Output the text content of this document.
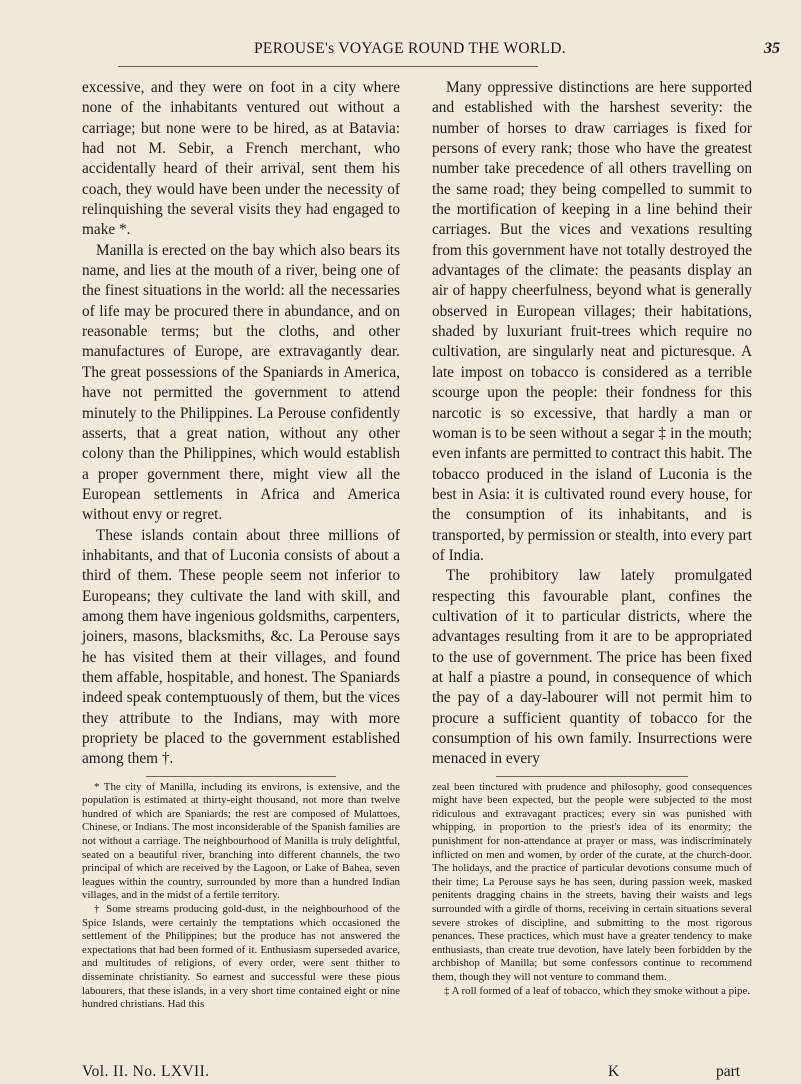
PEROUSE's VOYAGE ROUND THE WORLD.	35

excessive, and they were on foot in a city where none of the inhabitants ventured out without a carriage; but none were to be hired, as at Batavia: had not M. Sebir, a French merchant, who accidentally heard of their arrival, sent them his coach, they would have been under the necessity of relinquishing the several visits they had engaged to make *.

Manilla is erected on the bay which also bears its name, and lies at the mouth of a river, being one of the finest situations in the world: all the necessaries of life may be procured there in abundance, and on reasonable terms; but the cloths, and other manufactures of Europe, are extravagantly dear. The great possessions of the Spaniards in America, have not permitted the government to attend minutely to the Philippines. La Perouse confidently asserts, that a great nation, without any other colony than the Philippines, which would establish a proper government there, might view all the European settlements in Africa and America without envy or regret.

These islands contain about three millions of inhabitants, and that of Luconia consists of about a third of them. These people seem not inferior to Europeans; they cultivate the land with skill, and among them have ingenious goldsmiths, carpenters, joiners, masons, blacksmiths, &c. La Perouse says he has visited them at their villages, and found them affable, hospitable, and honest. The Spaniards indeed speak contemptuously of them, but the vices they attribute to the Indians, may with more propriety be placed to the government established among them †.

* The city of Manilla, including its environs, is extensive, and the population is estimated at thirty-eight thousand, not more than twelve hundred of which are Spaniards; the rest are composed of Mulattoes, Chinese, or Indians. The most inconsiderable of the Spanish families are not without a carriage. The neighbourhood of Manilla is truly delightful, seated on a beautiful river, branching into different channels, the two principal of which are received by the Lagoon, or Lake of Bahea, seven leagues within the country, surrounded by more than a hundred Indian villages, and in the midst of a fertile territory.

† Some streams producing gold-dust, in the neighbourhood of the Spice Islands, were certainly the temptations which occasioned the settlement of the Philippines; but the produce has not answered the expectations that had been formed of it. Enthusiasm superseded avarice, and multitudes of religions, of every order, were sent thither to disseminate christianity. So earnest and successful were these pious labourers, that these islands, in a very short time contained eight or nine hundred christians. Had this

Many oppressive distinctions are here supported and established with the harshest severity: the number of horses to draw carriages is fixed for persons of every rank; those who have the greatest number take precedence of all others travelling on the same road; they being compelled to summit to the mortification of keeping in a line behind their carriages. But the vices and vexations resulting from this government have not totally destroyed the advantages of the climate: the peasants display an air of happy cheerfulness, beyond what is generally observed in European villages; their habitations, shaded by luxuriant fruit-trees which require no cultivation, are singularly neat and picturesque. A late impost on tobacco is considered as a terrible scourge upon the people: their fondness for this narcotic is so excessive, that hardly a man or woman is to be seen without a segar ‡ in the mouth; even infants are permitted to contract this habit. The tobacco produced in the island of Luconia is the best in Asia: it is cultivated round every house, for the consumption of its inhabitants, and is transported, by permission or stealth, into every part of India.

The prohibitory law lately promulgated respecting this favourable plant, confines the cultivation of it to particular districts, where the advantages resulting from it are to be appropriated to the use of government. The price has been fixed at half a piastre a pound, in consequence of which the pay of a day-labourer will not permit him to procure a sufficient quantity of tobacco for the consumption of his own family. Insurrections were menaced in every

zeal been tinctured with prudence and philosophy, good consequences might have been expected, but the people were subjected to the most ridiculous and extravagant practices; every sin was punished with whipping, in proportion to the priest's idea of its enormity; the punishment for non-attendance at prayer or mass, was indiscriminately inflicted on men and women, by order of the curate, at the church-door. The holidays, and the practice of particular devotions consume much of their time; La Perouse says he has seen, during passion week, masked penitents dragging chains in the streets, having their waists and legs surrounded with a girdle of thorns, receiving in certain situations several severe strokes of discipline, and submitting to the most rigorous penances. These practices, which must have a greater tendency to make enthusiasts, than create true devotion, have lately been forbidden by the archbishop of Manilla; but some confessors continue to recommend them, though they will not venture to command them.

‡ A roll formed of a leaf of tobacco, which they smoke without a pipe.

Vol. II. No. LXVII.	K	part
